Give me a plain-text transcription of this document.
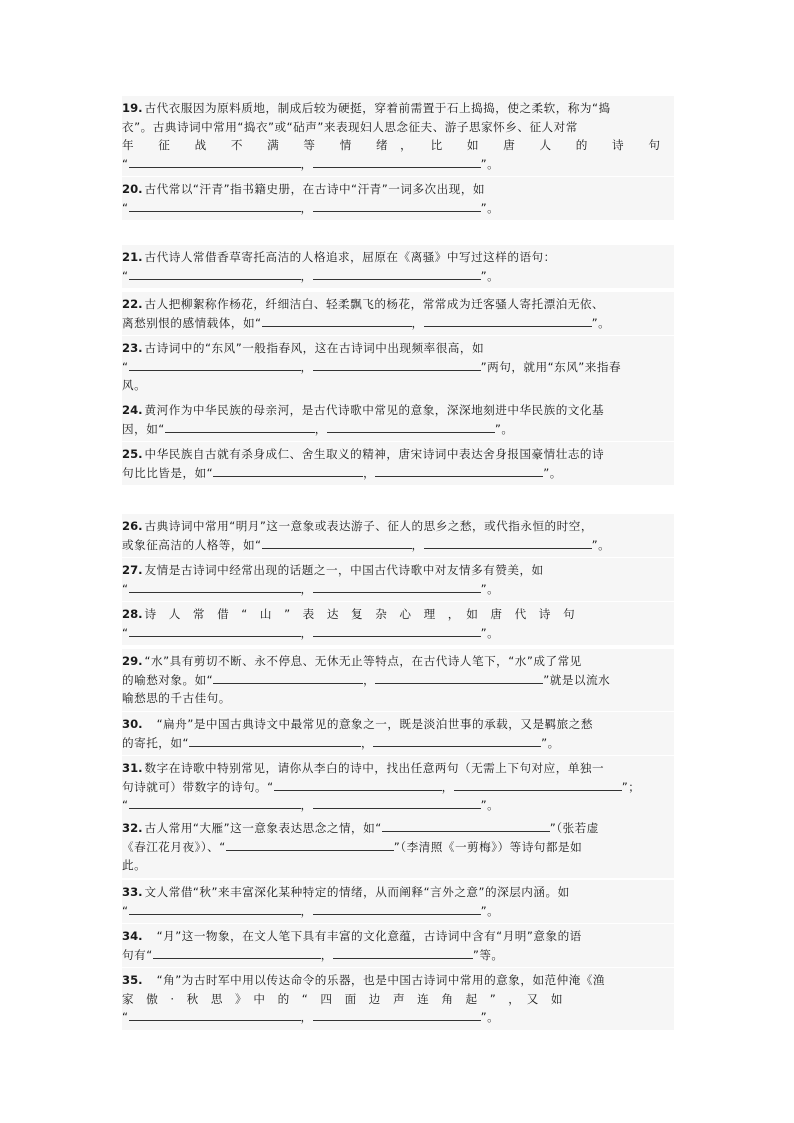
19. 古代衣服因为原料质地，制成后较为硬挺，穿着前需置于石上捣捣，使之柔软，称为“捣
衣”。古典诗词中常用“捣衣”或“砧声”来表现妇人思念征夫、游子思家怀乡、征人对常
年　　征　　战　　不　　满　　等　　情　　绪　，　　比　　如　　唐　　人　　的　　诗　　句
“	，	”。
20. 古代常以“汗青”指书籍史册，在古诗中“汗青”一词多次出现，如
“	，	”。
21. 古代诗人常借香草寄托高洁的人格追求，屈原在《离骚》中写过这样的语句：
“	，	”。
22. 古人把柳絮称作杨花，纤细洁白、轻柔飘飞的杨花，常常成为迁客骚人寄托漂泊无依、
离愁别恨的感情载体，如“	，	”。
23. 古诗词中的“东风”一般指春风，这在古诗词中出现频率很高，如
“	，	”两句，就用“东风”来指春
风。
24. 黄河作为中华民族的母亲河，是古代诗歌中常见的意象，深深地刻进中华民族的文化基
因，如“	，	”。
25. 中华民族自古就有杀身成仁、舍生取义的精神，唐宋诗词中表达舍身报国豪情壮志的诗
句比比皆是，如“	，	”。
26. 古典诗词中常用“明月”这一意象或表达游子、征人的思乡之愁，或代指永恒的时空，
或象征高洁的人格等，如“	，	”。
27. 友情是古诗词中经常出现的话题之一，中国古代诗歌中对友情多有赞美，如
“	，	”。
28. 诗　人　常　借　“　山　”　表　达　复　杂　心　理　，　如　唐　代　诗　句
“	，	”。
29. “水”具有剪切不断、永不停息、无休无止等特点，在古代诗人笔下，“水”成了常见
的喻愁对象。如“	，	”就是以流水
喻愁思的千古佳句。
30.　“扁舟”是中国古典诗文中最常见的意象之一，既是淡泊世事的承载，又是羁旅之愁
的寄托，如“	，	”。
31. 数字在诗歌中特别常见，请你从李白的诗中，找出任意两句（无需上下句对应，单独一
句诗就可）带数字的诗句。“	，	”；
“	，	”。
32. 古人常用“大雁”这一意象表达思念之情，如“	”（张若虚
《春江花月夜》）、“	”（李清照《一剪梅》）等诗句都是如
此。
33. 文人常借“秋”来丰富深化某种特定的情绪，从而阐释“言外之意”的深层内涵。如
“	，	”。
34.　“月”这一物象，在文人笔下具有丰富的文化意蕴，古诗词中含有“月明”意象的语
句有“	，	”等。
35.　“角”为古时军中用以传达命令的乐器，也是中国古诗词中常用的意象，如范仲淹《渔
家　傲　·　秋　思　》　中　的　“　四　面　边　声　连　角　起　”　，　又　如
“	，	”。
